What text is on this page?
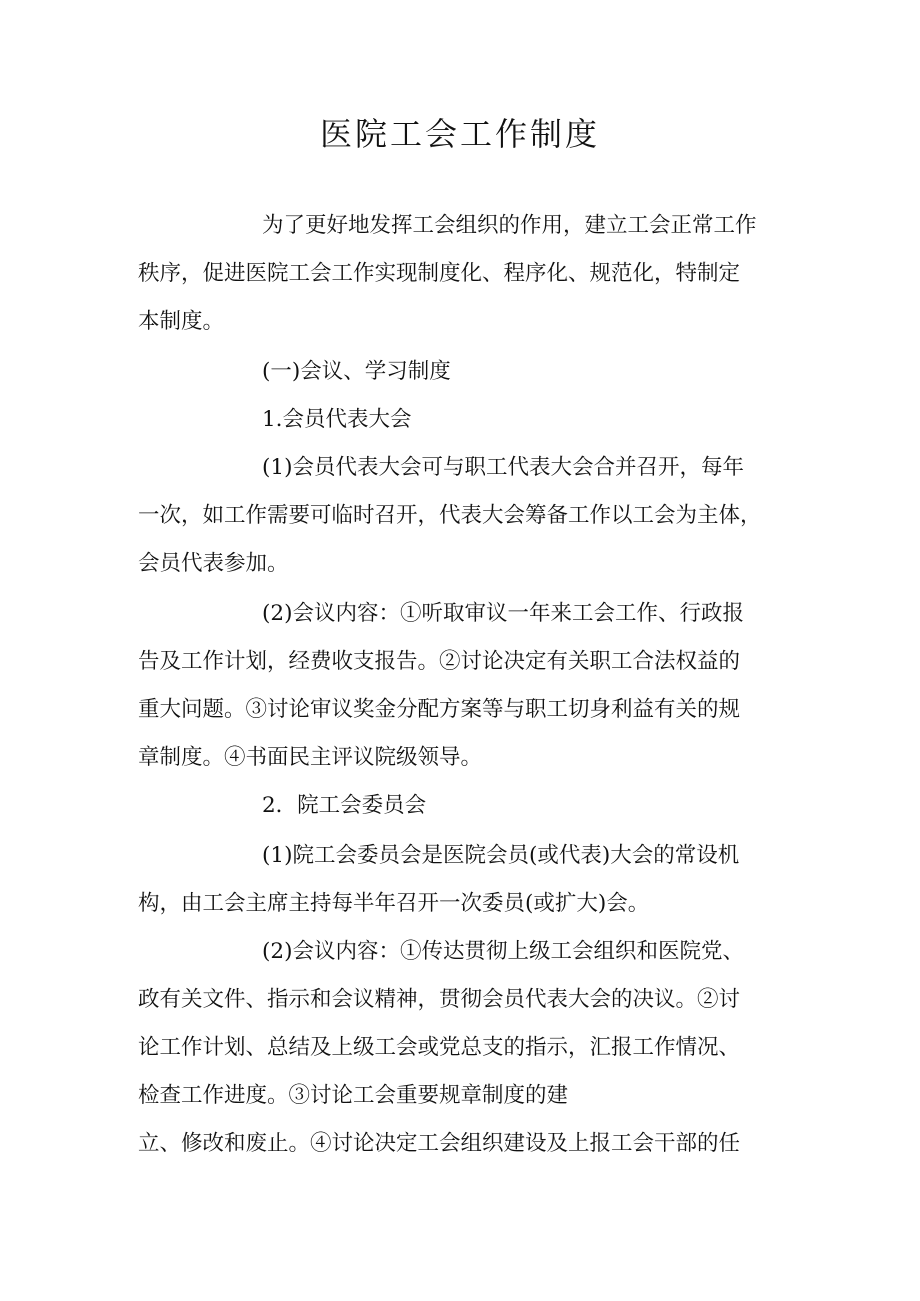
医院工会工作制度

为了更好地发挥工会组织的作用，建立工会正常工作

秩序，促进医院工会工作实现制度化、程序化、规范化，特制定

本制度。

(一)会议、学习制度

1.会员代表大会

(1)会员代表大会可与职工代表大会合并召开，每年

一次，如工作需要可临时召开，代表大会筹备工作以工会为主体，

会员代表参加。

(2)会议内容：①听取审议一年来工会工作、行政报

告及工作计划，经费收支报告。②讨论决定有关职工合法权益的

重大问题。③讨论审议奖金分配方案等与职工切身利益有关的规

章制度。④书面民主评议院级领导。

2．院工会委员会

(1)院工会委员会是医院会员(或代表)大会的常设机

构，由工会主席主持每半年召开一次委员(或扩大)会。

(2)会议内容：①传达贯彻上级工会组织和医院党、

政有关文件、指示和会议精神，贯彻会员代表大会的决议。②讨

论工作计划、总结及上级工会或党总支的指示，汇报工作情况、

检查工作进度。③讨论工会重要规章制度的建

立、修改和废止。④讨论决定工会组织建设及上报工会干部的任
